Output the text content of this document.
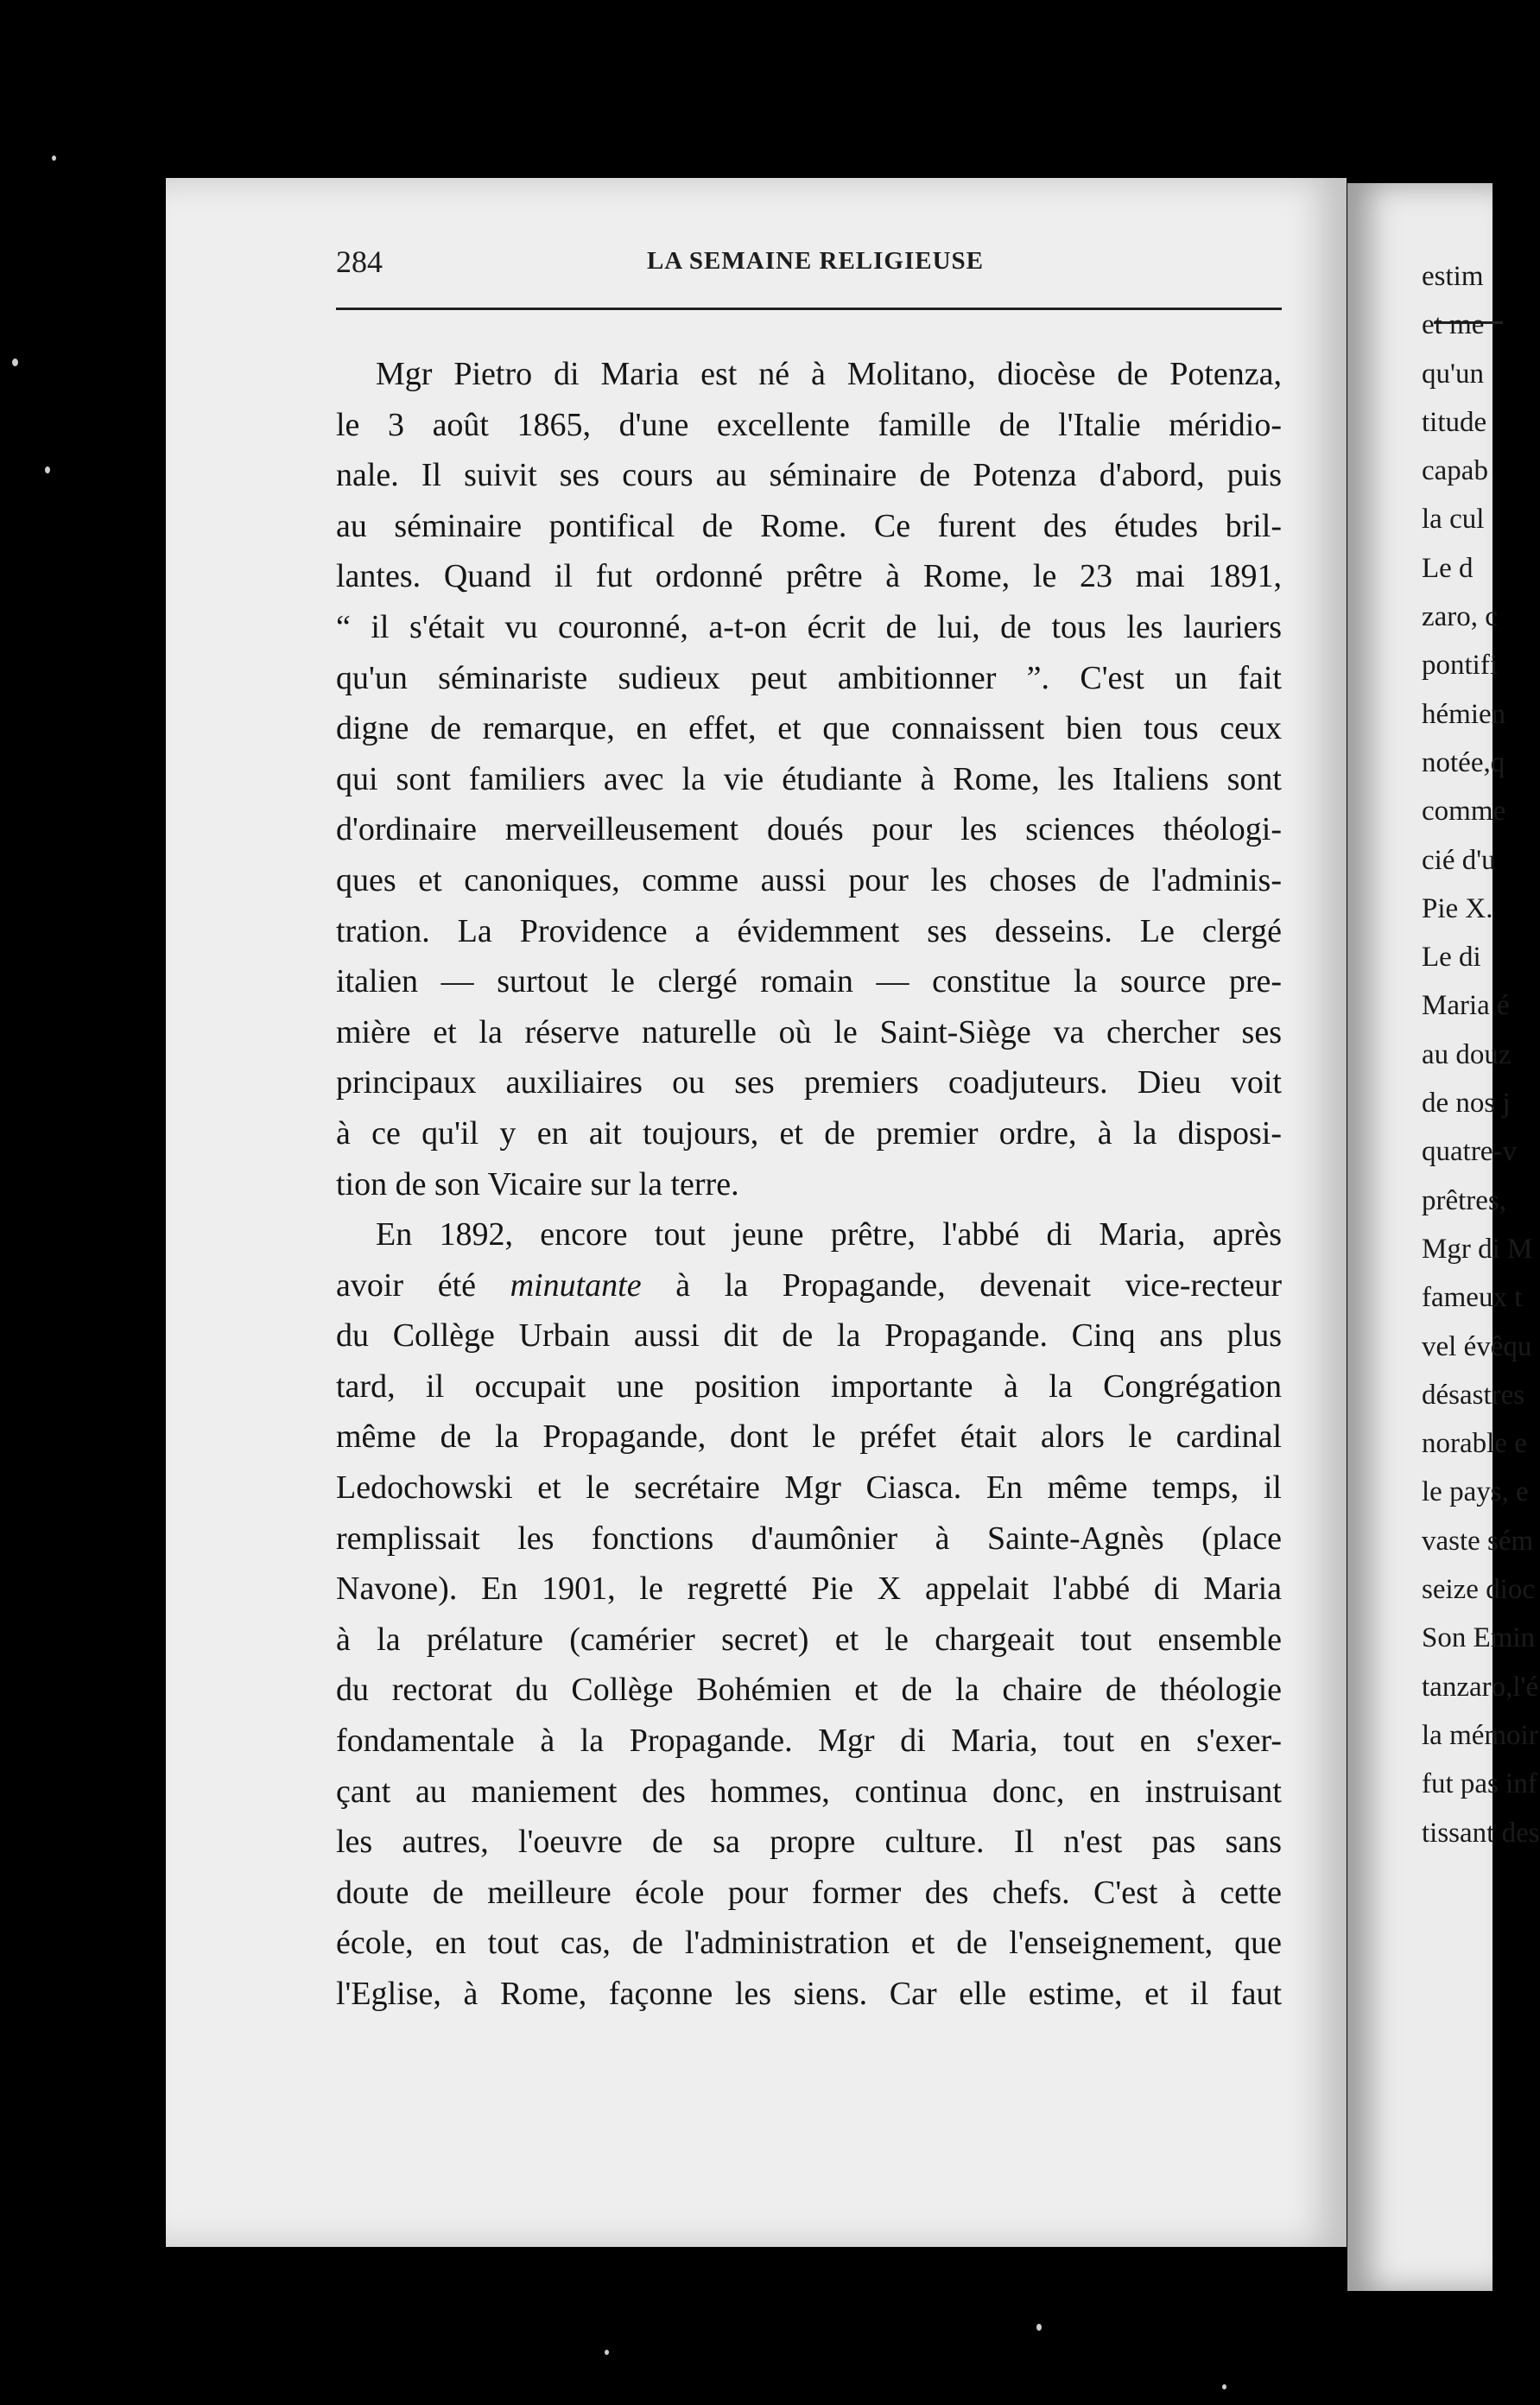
284	LA SEMAINE RELIGIEUSE

Mgr Pietro di Maria est né à Molitano, diocèse de Potenza,
le 3 août 1865, d'une excellente famille de l'Italie méridio-
nale. Il suivit ses cours au séminaire de Potenza d'abord, puis
au séminaire pontifical de Rome. Ce furent des études bril-
lantes. Quand il fut ordonné prêtre à Rome, le 23 mai 1891,
“ il s'était vu couronné, a-t-on écrit de lui, de tous les lauriers
qu'un séminariste sudieux peut ambitionner ”. C'est un fait
digne de remarque, en effet, et que connaissent bien tous ceux
qui sont familiers avec la vie étudiante à Rome, les Italiens sont
d'ordinaire merveilleusement doués pour les sciences théologi-
ques et canoniques, comme aussi pour les choses de l'adminis-
tration. La Providence a évidemment ses desseins. Le clergé
italien — surtout le clergé romain — constitue la source pre-
mière et la réserve naturelle où le Saint-Siège va chercher ses
principaux auxiliaires ou ses premiers coadjuteurs. Dieu voit
à ce qu'il y en ait toujours, et de premier ordre, à la disposi-
tion de son Vicaire sur la terre.

En 1892, encore tout jeune prêtre, l'abbé di Maria, après
avoir été minutante à la Propagande, devenait vice-recteur
du Collège Urbain aussi dit de la Propagande. Cinq ans plus
tard, il occupait une position importante à la Congrégation
même de la Propagande, dont le préfet était alors le cardinal
Ledochowski et le secrétaire Mgr Ciasca. En même temps, il
remplissait les fonctions d'aumônier à Sainte-Agnès (place
Navone). En 1901, le regretté Pie X appelait l'abbé di Maria
à la prélature (camérier secret) et le chargeait tout ensemble
du rectorat du Collège Bohémien et de la chaire de théologie
fondamentale à la Propagande. Mgr di Maria, tout en s'exer-
çant au maniement des hommes, continua donc, en instruisant
les autres, l'oeuvre de sa propre culture. Il n'est pas sans
doute de meilleure école pour former des chefs. C'est à cette
école, en tout cas, de l'administration et de l'enseignement, que
l'Eglise, à Rome, façonne les siens. Car elle estime, et il faut

estim
et me
qu'un
titude
capab
la cul
Le d
zaro, c
pontifi
hémien
notée,q
comme
cié d'u
Pie X.
Le di
Maria é
au douz
de nos j
quatre-v
prêtres,
Mgr di M
fameux t
vel évêqu
désastres
norable e
le pays, e
vaste sém
seize dioc
Son Emin
tanzaro,l'é
la mémoir
fut pas inf
tissant des
